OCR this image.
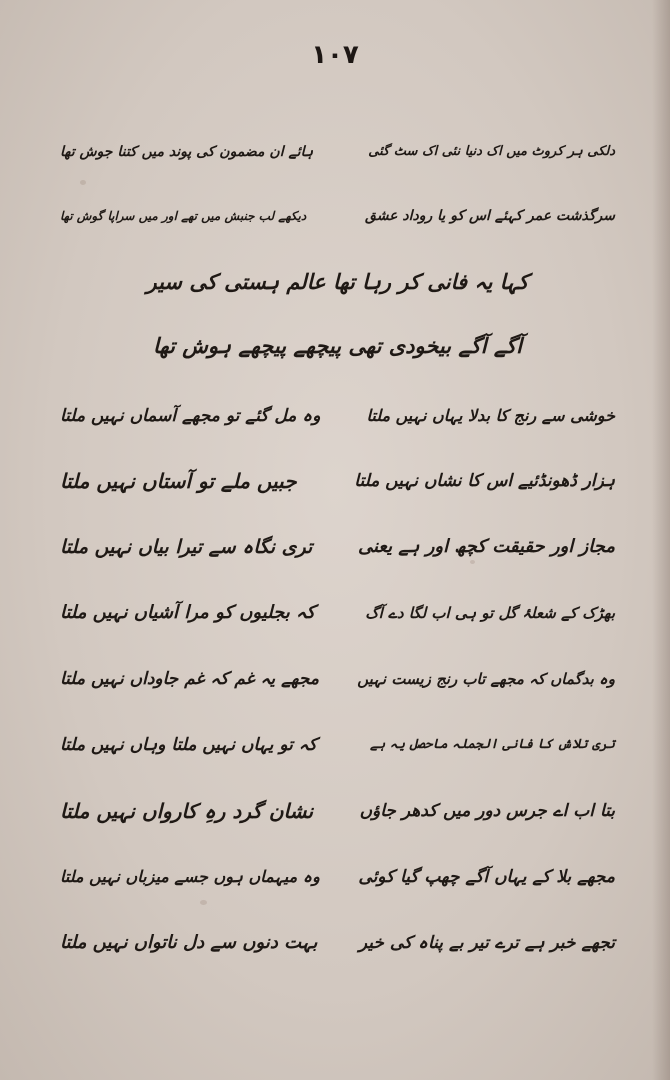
۱۰۷
دلکی ہر کروٹ میں اک دنیا نئی اک سٹ گئی
ہائے ان مضمون کی پوند میں کتنا جوش تھا
سرگذشت عمر کہئے اس کو یا روداد عشق
دیکھے لب جنبش میں تھے اور میں سراپا گوش تھا
کہا یہ فانی کر رہا تھا عالم ہستی کی سیر
آگے آگے بیخودی تھی پیچھے پیچھے ہوش تھا
خوشی سے رنج کا بدلا یہاں نہیں ملتا
وہ مل گئے تو مجھے آسماں نہیں ملتا
ہزار ڈھونڈئیے اس کا نشاں نہیں ملتا
جبیں ملے تو آستاں نہیں ملتا
مجاز اور حقیقت کچھ اور ہے یعنی
تری نگاہ سے تیرا بیاں نہیں ملتا
بھڑک کے شعلۂ گل تو ہی اب لگا دے آگ
کہ بجلیوں کو مرا آشیاں نہیں ملتا
وہ بدگماں کہ مجھے تاب رنج زیست نہیں
مجھے یہ غم کہ غم جاوداں نہیں ملتا
تری تلاش کا فانی الجملہ ماحصل یہ ہے
کہ تو یہاں نہیں ملتا وہاں نہیں ملتا
بتا اب اے جرس دور میں کدھر جاؤں
نشان گرد رہِ کارواں نہیں ملتا
مجھے بلا کے یہاں آگے چھپ گیا کوئی
وہ میہماں ہوں جسے میزباں نہیں ملتا
تجھے خبر ہے ترے تیر بے پناہ کی خیر
بہت دنوں سے دل ناتواں نہیں ملتا
